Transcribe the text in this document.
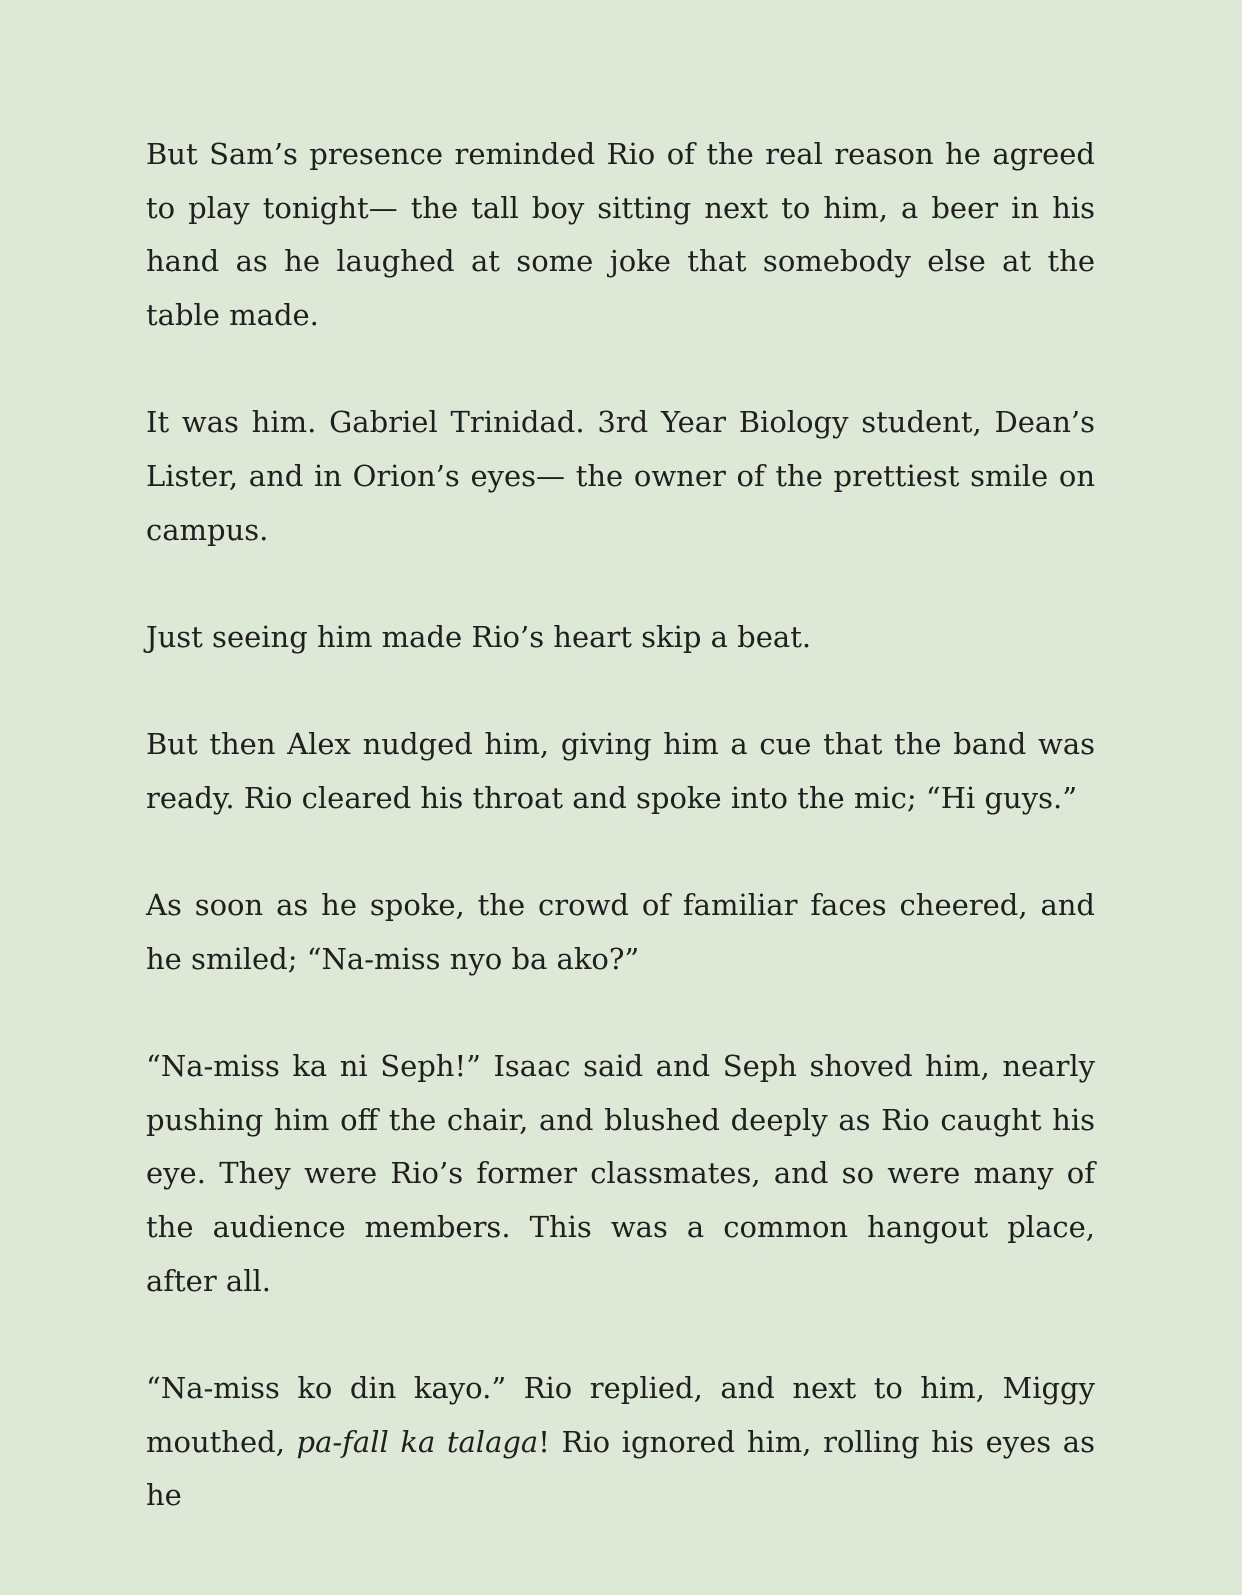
But Sam’s presence reminded Rio of the real reason he agreed to play tonight— the tall boy sitting next to him, a beer in his hand as he laughed at some joke that somebody else at the table made.

It was him. Gabriel Trinidad. 3rd Year Biology student, Dean’s Lister, and in Orion’s eyes— the owner of the prettiest smile on campus.

Just seeing him made Rio’s heart skip a beat.

But then Alex nudged him, giving him a cue that the band was ready. Rio cleared his throat and spoke into the mic; “Hi guys.”

As soon as he spoke, the crowd of familiar faces cheered, and he smiled; “Na-miss nyo ba ako?”

“Na-miss ka ni Seph!” Isaac said and Seph shoved him, nearly pushing him off the chair, and blushed deeply as Rio caught his eye. They were Rio’s former classmates, and so were many of the audience members. This was a common hangout place, after all.

“Na-miss ko din kayo.” Rio replied, and next to him, Miggy mouthed, pa-fall ka talaga! Rio ignored him, rolling his eyes as he
